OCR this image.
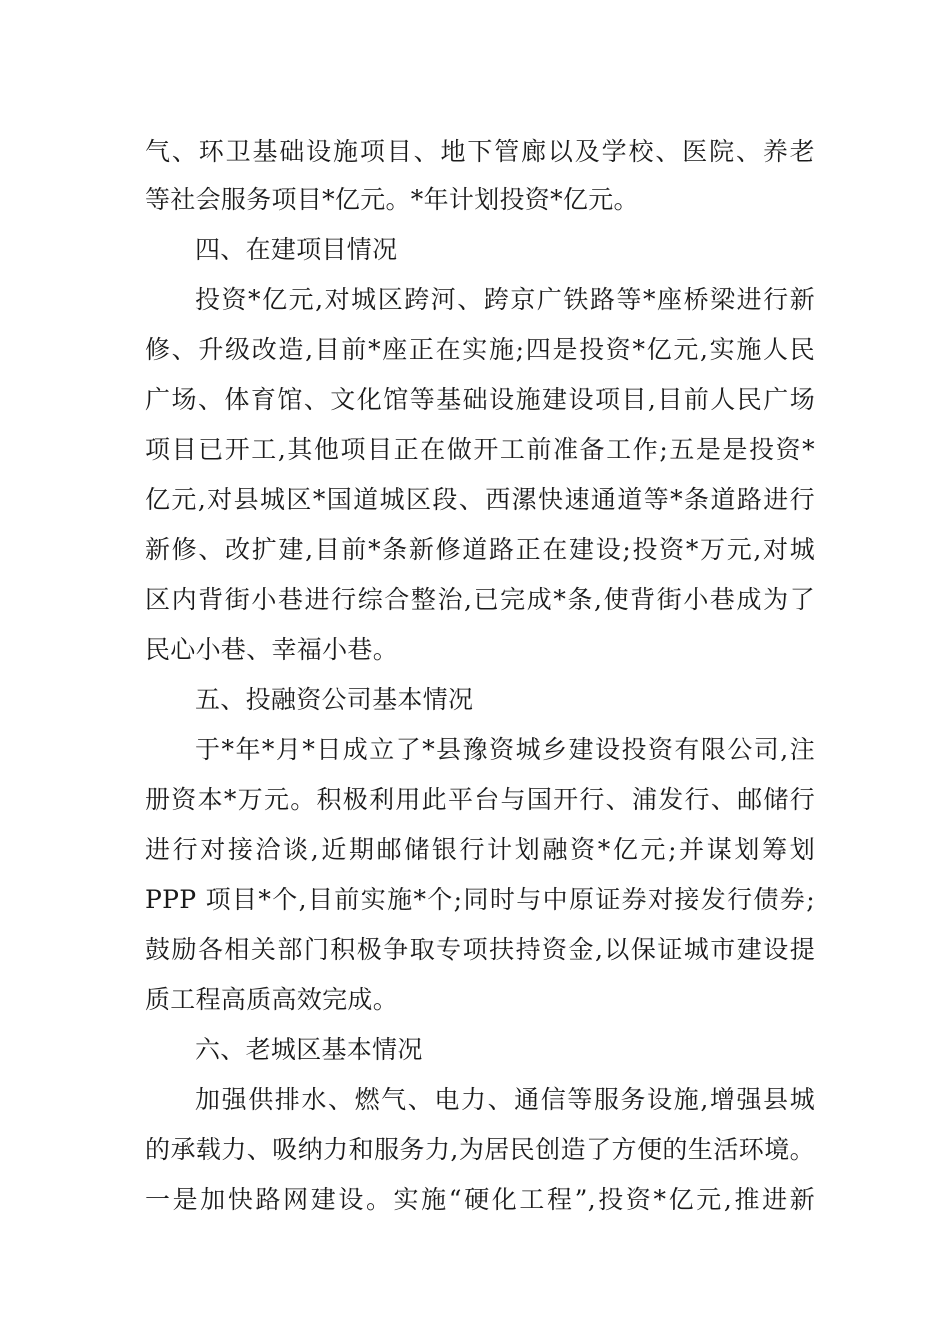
气、环卫基础设施项目、地下管廊以及学校、医院、养老
等社会服务项目*亿元。*年计划投资*亿元。
四、在建项目情况
投资*亿元,对城区跨河、跨京广铁路等*座桥梁进行新
修、升级改造,目前*座正在实施;四是投资*亿元,实施人民
广场、体育馆、文化馆等基础设施建设项目,目前人民广场
项目已开工,其他项目正在做开工前准备工作;五是是投资*
亿元,对县城区*国道城区段、西漯快速通道等*条道路进行
新修、改扩建,目前*条新修道路正在建设;投资*万元,对城
区内背街小巷进行综合整治,已完成*条,使背街小巷成为了
民心小巷、幸福小巷。
五、投融资公司基本情况
于*年*月*日成立了*县豫资城乡建设投资有限公司,注
册资本*万元。积极利用此平台与国开行、浦发行、邮储行
进行对接洽谈,近期邮储银行计划融资*亿元;并谋划筹划
PPP 项目*个,目前实施*个;同时与中原证券对接发行债券;
鼓励各相关部门积极争取专项扶持资金,以保证城市建设提
质工程高质高效完成。
六、老城区基本情况
加强供排水、燃气、电力、通信等服务设施,增强县城
的承载力、吸纳力和服务力,为居民创造了方便的生活环境。
一是加快路网建设。实施“硬化工程”,投资*亿元,推进新
